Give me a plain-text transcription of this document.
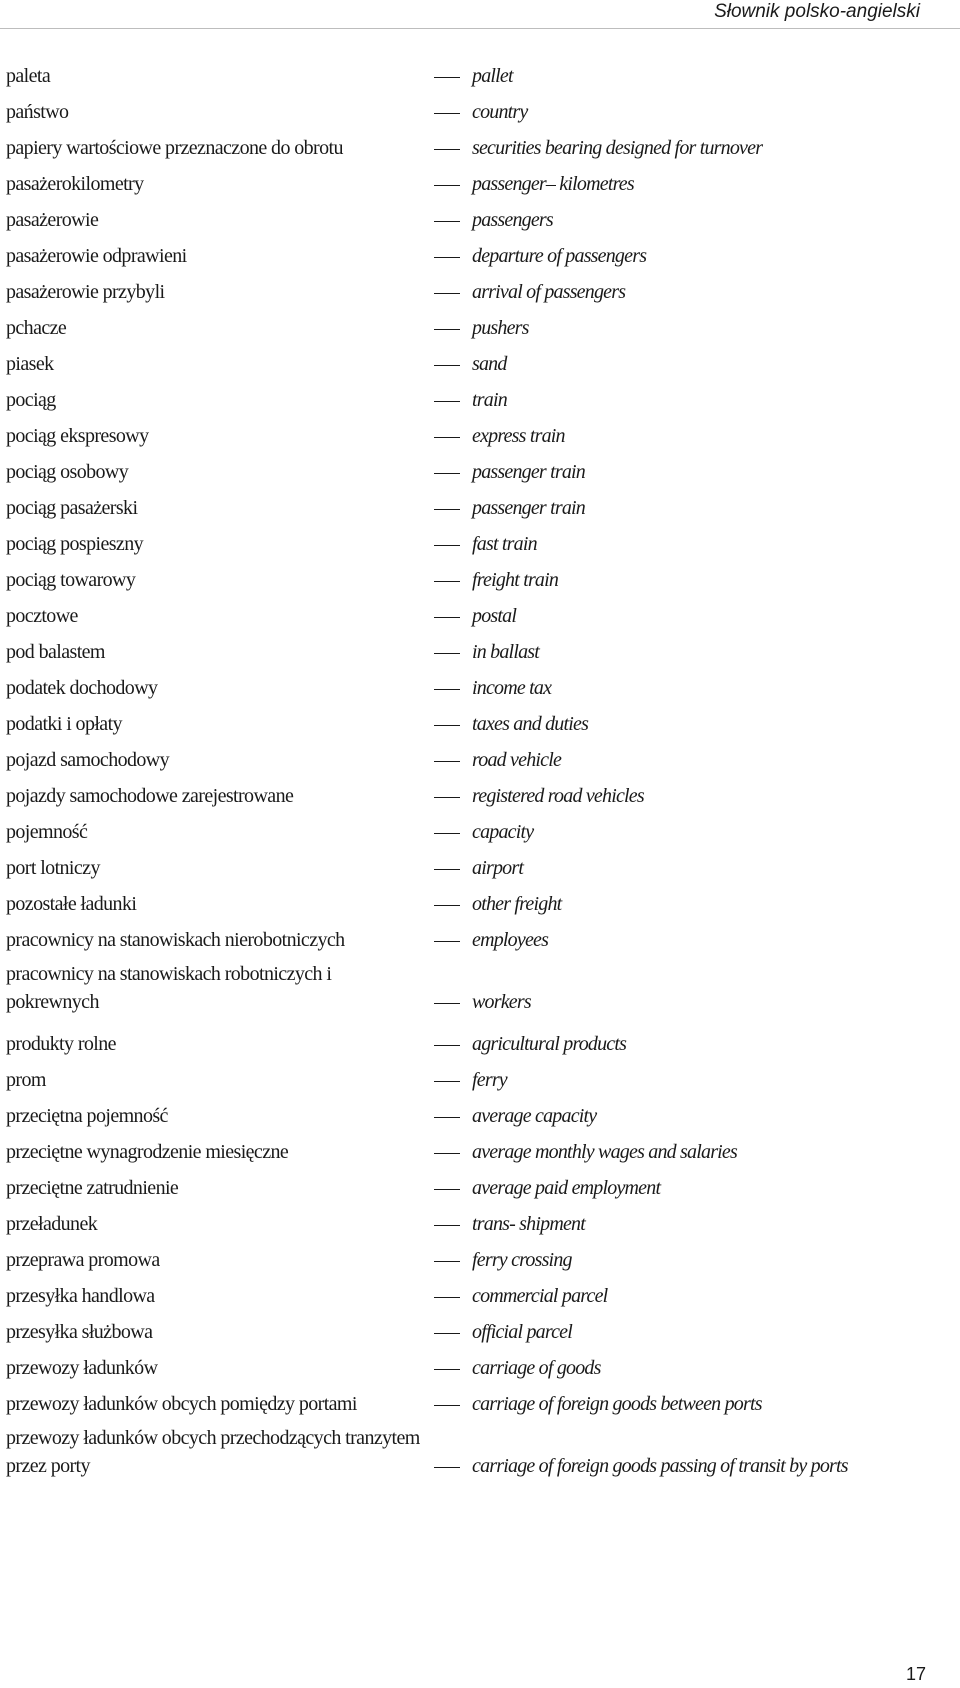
Słownik polsko-angielski
paleta	pallet
państwo	country
papiery wartościowe przeznaczone do obrotu	securities bearing designed for turnover
pasażerokilometry	passenger– kilometres
pasażerowie	passengers
pasażerowie odprawieni	departure of passengers
pasażerowie przybyli	arrival of passengers
pchacze	pushers
piasek	sand
pociąg	train
pociąg ekspresowy	express train
pociąg osobowy	passenger train
pociąg pasażerski	passenger train
pociąg pospieszny	fast train
pociąg towarowy	freight train
pocztowe	postal
pod balastem	in ballast
podatek dochodowy	income tax
podatki i opłaty	taxes and duties
pojazd samochodowy	road vehicle
pojazdy samochodowe zarejestrowane	registered road vehicles
pojemność	capacity
port lotniczy	airport
pozostałe ładunki	other freight
pracownicy na stanowiskach nierobotniczych	employees
pracownicy na stanowiskach robotniczych i pokrewnych	workers
produkty rolne	agricultural products
prom	ferry
przeciętna pojemność	average capacity
przeciętne wynagrodzenie miesięczne	average monthly wages and salaries
przeciętne zatrudnienie	average paid employment
przeładunek	trans- shipment
przeprawa promowa	ferry crossing
przesyłka handlowa	commercial parcel
przesyłka służbowa	official parcel
przewozy ładunków	carriage of goods
przewozy ładunków obcych pomiędzy portami	carriage of foreign goods between ports
przewozy ładunków obcych przechodzących tranzytem przez porty	carriage of foreign goods passing of transit by ports
17
